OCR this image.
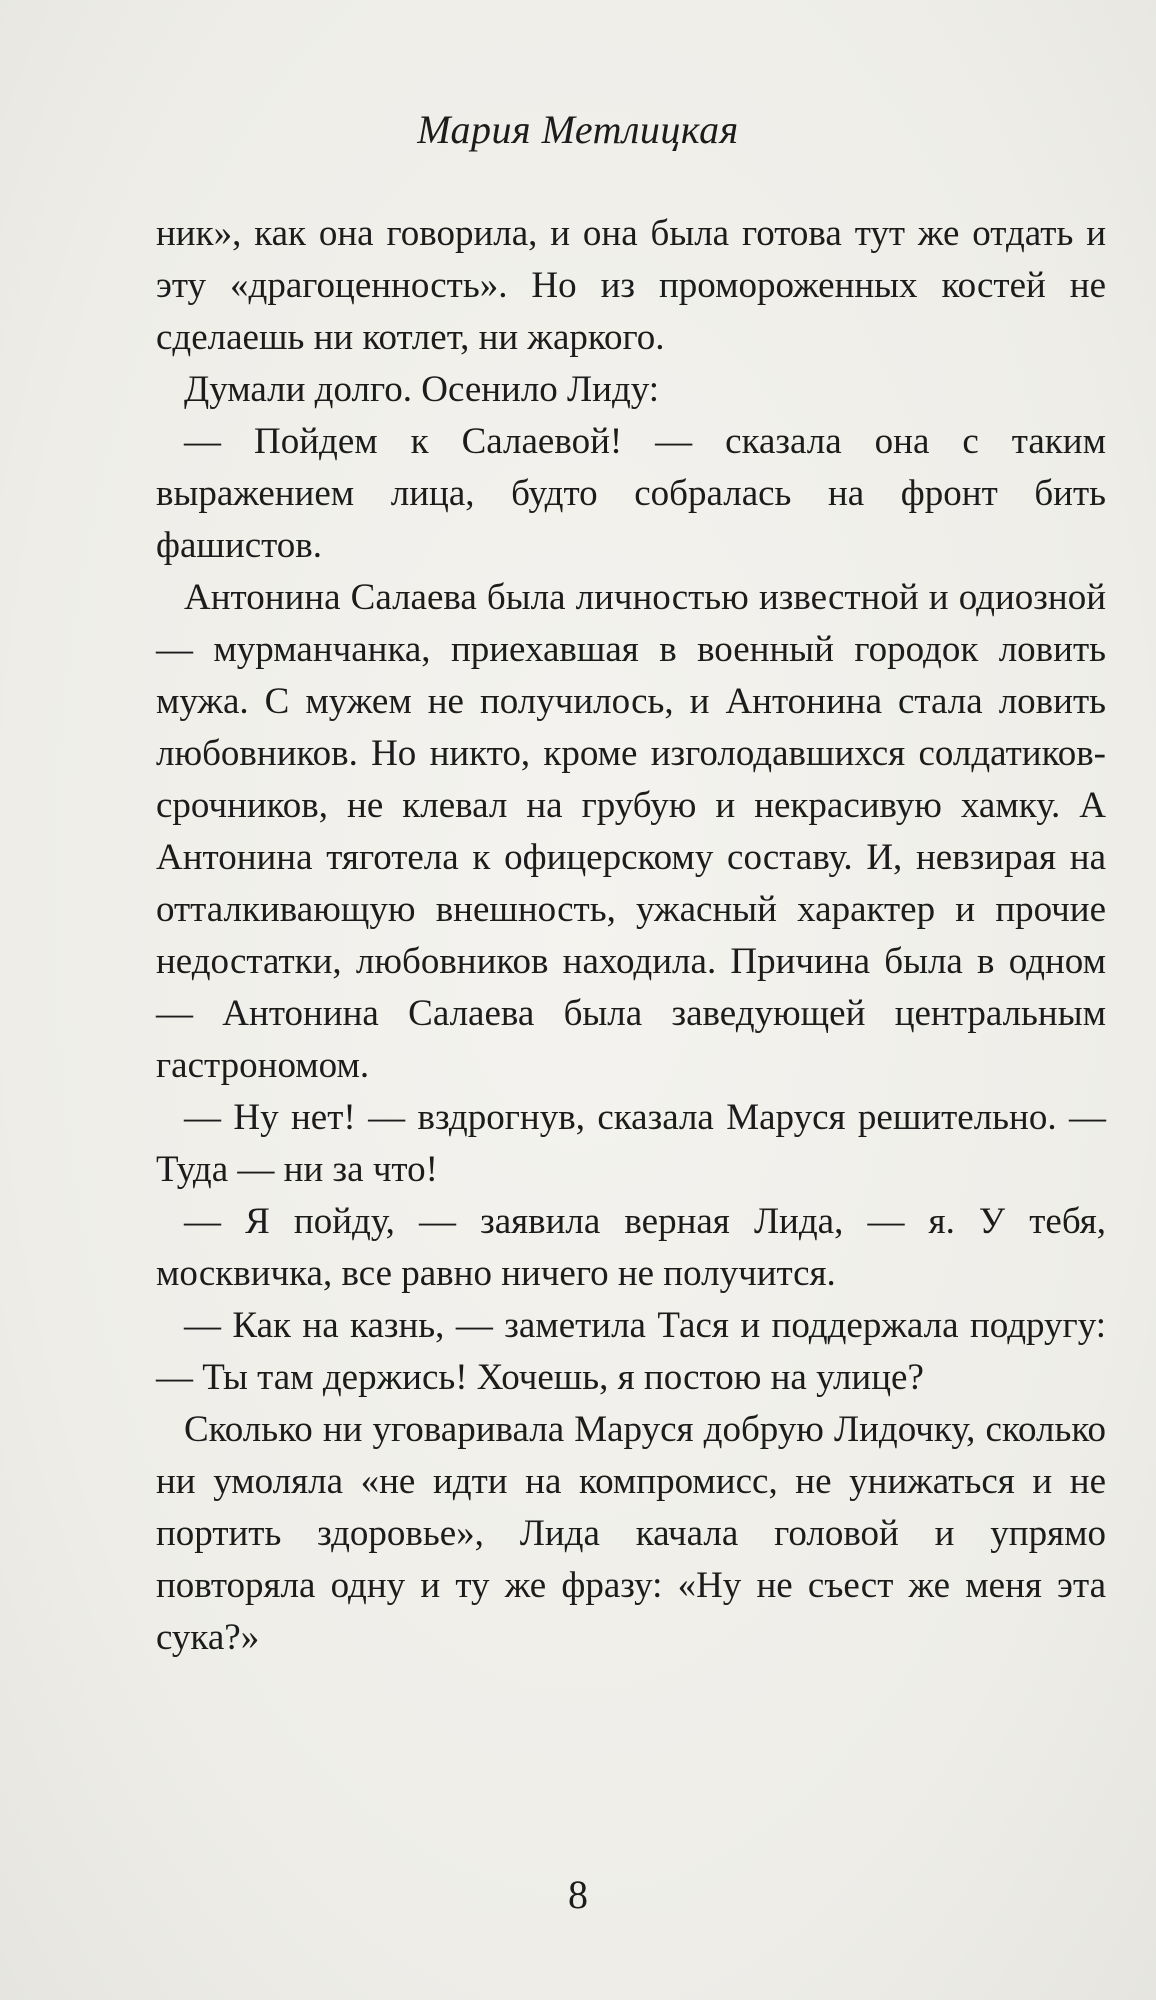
Мария Метлицкая

ник», как она говорила, и она была готова тут же отдать и эту «драгоценность». Но из промороженных костей не сделаешь ни котлет, ни жаркого.

Думали долго. Осенило Лиду:

— Пойдем к Салаевой! — сказала она с таким выражением лица, будто собралась на фронт бить фашистов.

Антонина Салаева была личностью известной и одиозной — мурманчанка, приехавшая в военный городок ловить мужа. С мужем не получилось, и Антонина стала ловить любовников. Но никто, кроме изголодавшихся солдатиков-срочников, не клевал на грубую и некрасивую хамку. А Антонина тяготела к офицерскому составу. И, невзирая на отталкивающую внешность, ужасный характер и прочие недостатки, любовников находила. Причина была в одном — Антонина Салаева была заведующей центральным гастрономом.

— Ну нет! — вздрогнув, сказала Маруся решительно. — Туда — ни за что!

— Я пойду, — заявила верная Лида, — я. У тебя, москвичка, все равно ничего не получится.

— Как на казнь, — заметила Тася и поддержала подругу: — Ты там держись! Хочешь, я постою на улице?

Сколько ни уговаривала Маруся добрую Лидочку, сколько ни умоляла «не идти на компромисс, не унижаться и не портить здоровье», Лида качала головой и упрямо повторяла одну и ту же фразу: «Ну не съест же меня эта сука?»

8
